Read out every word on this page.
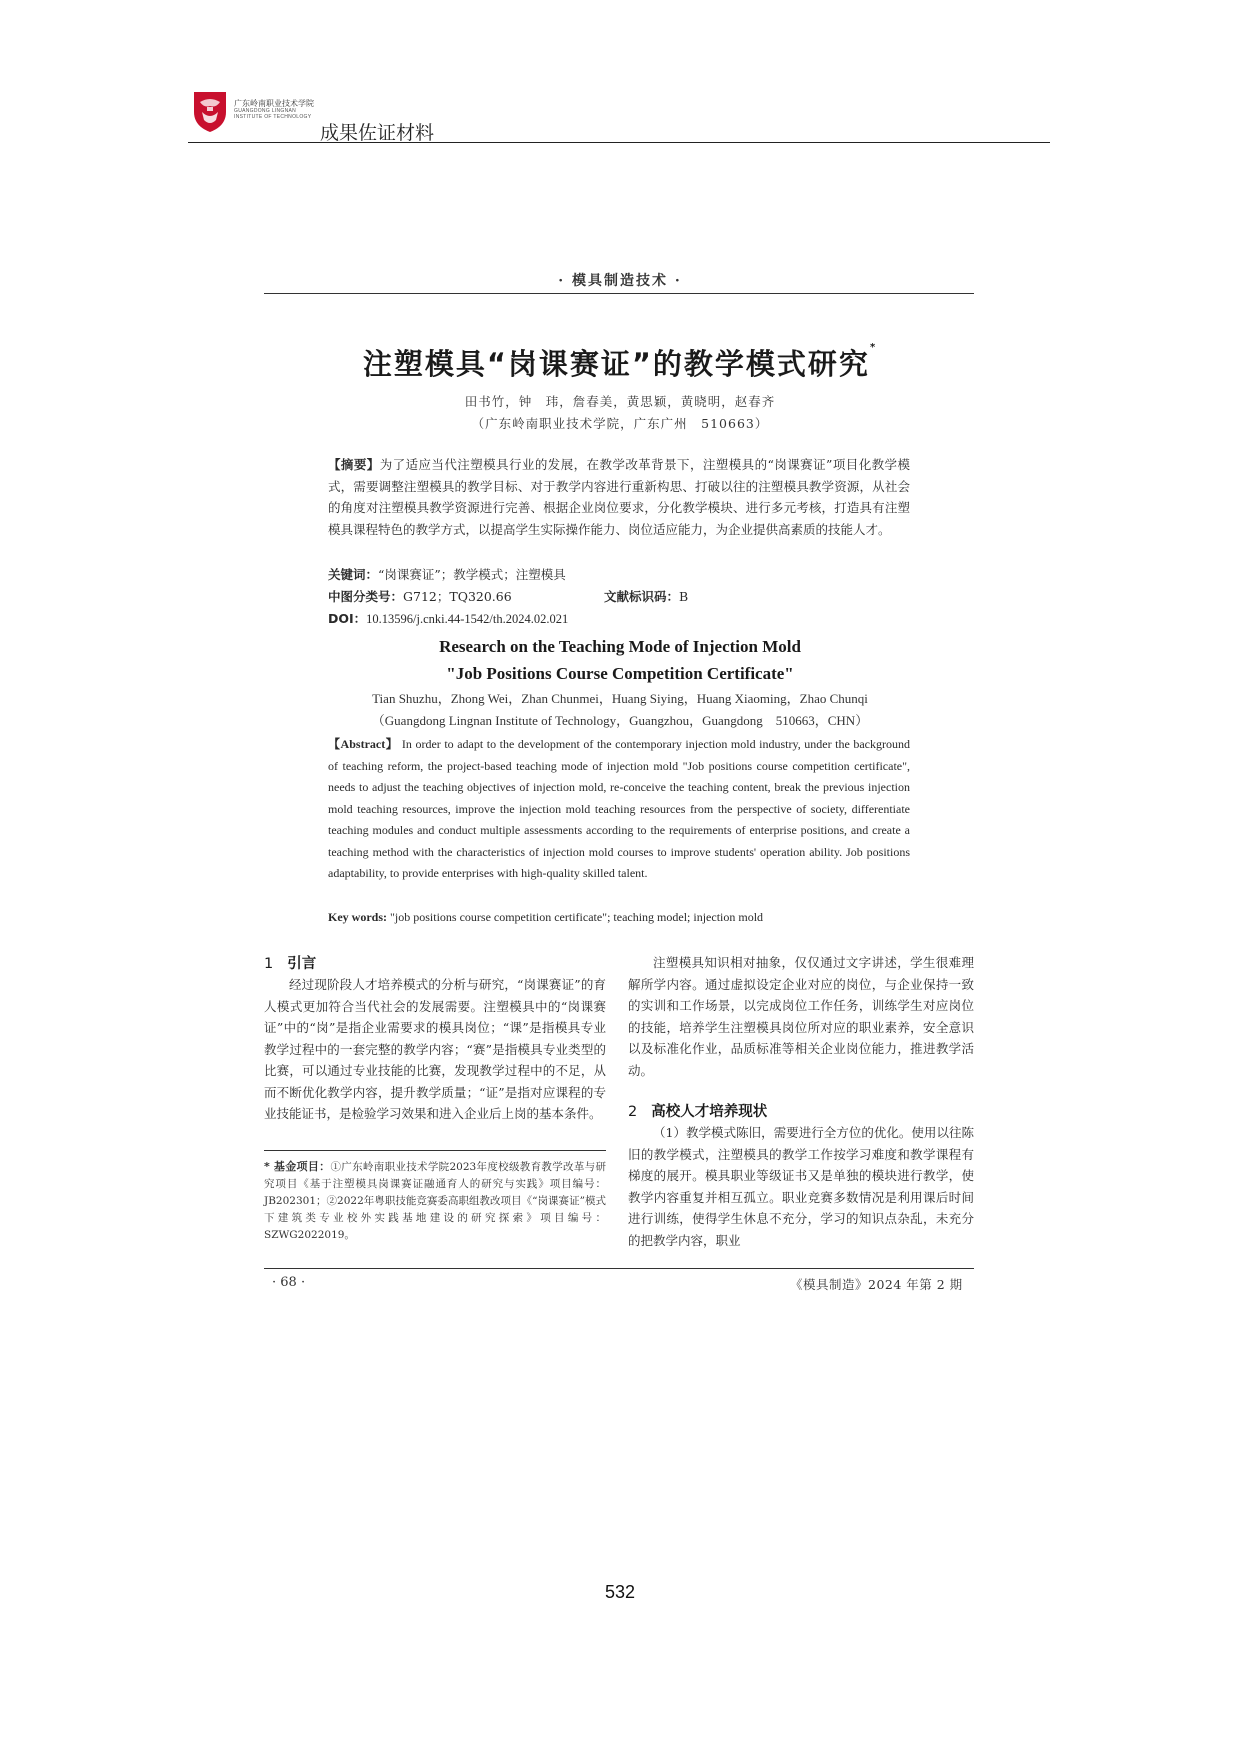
广东岭南职业技术学院
GUANGDONG LINGNAN INSTITUTE OF TECHNOLOGY
成果佐证材料
· 模具制造技术 ·
注塑模具“岗课赛证”的教学模式研究*
田书竹，钟　玮，詹春美，黄思颖，黄晓明，赵春齐
（广东岭南职业技术学院，广东广州　510663）
【摘要】为了适应当代注塑模具行业的发展，在教学改革背景下，注塑模具的“岗课赛证”项目化教学模式，需要调整注塑模具的教学目标、对于教学内容进行重新构思、打破以往的注塑模具教学资源，从社会的角度对注塑模具教学资源进行完善、根据企业岗位要求，分化教学模块、进行多元考核，打造具有注塑模具课程特色的教学方式，以提高学生实际操作能力、岗位适应能力，为企业提供高素质的技能人才。
关键词：“岗课赛证”；教学模式；注塑模具
中图分类号：G712；TQ320.66	文献标识码：B
DOI：10.13596/j.cnki.44-1542/th.2024.02.021
Research on the Teaching Mode of Injection Mold
"Job Positions Course Competition Certificate"
Tian Shuzhu，Zhong Wei，Zhan Chunmei，Huang Siying，Huang Xiaoming，Zhao Chunqi
（Guangdong Lingnan Institute of Technology，Guangzhou，Guangdong　510663，CHN）
【Abstract】 In order to adapt to the development of the contemporary injection mold industry, under the background of teaching reform, the project-based teaching mode of injection mold "Job positions course competition certificate", needs to adjust the teaching objectives of injection mold, re-conceive the teaching content, break the previous injection mold teaching resources, improve the injection mold teaching resources from the perspective of society, differentiate teaching modules and conduct multiple assessments according to the requirements of enterprise positions, and create a teaching method with the characteristics of injection mold courses to improve students' operation ability. Job positions adaptability, to provide enterprises with high-quality skilled talent.
Key words: "job positions course competition certificate"; teaching model; injection mold
1 引言
经过现阶段人才培养模式的分析与研究，“岗课赛证”的育人模式更加符合当代社会的发展需要。注塑模具中的“岗课赛证”中的“岗”是指企业需要求的模具岗位；“课”是指模具专业教学过程中的一套完整的教学内容；“赛”是指模具专业类型的比赛，可以通过专业技能的比赛，发现教学过程中的不足，从而不断优化教学内容，提升教学质量；“证”是指对应课程的专业技能证书，是检验学习效果和进入企业后上岗的基本条件。
* 基金项目：①广东岭南职业技术学院2023年度校级教育教学改革与研究项目《基于注塑模具岗课赛证融通育人的研究与实践》项目编号：JB202301；②2022年粤职技能竞赛委高职组教改项目《“岗课赛证”模式下建筑类专业校外实践基地建设的研究探索》项目编号：SZWG2022019。
注塑模具知识相对抽象，仅仅通过文字讲述，学生很难理解所学内容。通过虚拟设定企业对应的岗位，与企业保持一致的实训和工作场景，以完成岗位工作任务，训练学生对应岗位的技能，培养学生注塑模具岗位所对应的职业素养，安全意识以及标准化作业，品质标准等相关企业岗位能力，推进教学活动。
2 高校人才培养现状
（1）教学模式陈旧，需要进行全方位的优化。使用以往陈旧的教学模式，注塑模具的教学工作按学习难度和教学课程有梯度的展开。模具职业等级证书又是单独的模块进行教学，使教学内容重复并相互孤立。职业竞赛多数情况是利用课后时间进行训练，使得学生休息不充分，学习的知识点杂乱，未充分的把教学内容，职业
· 68 ·	《模具制造》2024 年第 2 期
532
